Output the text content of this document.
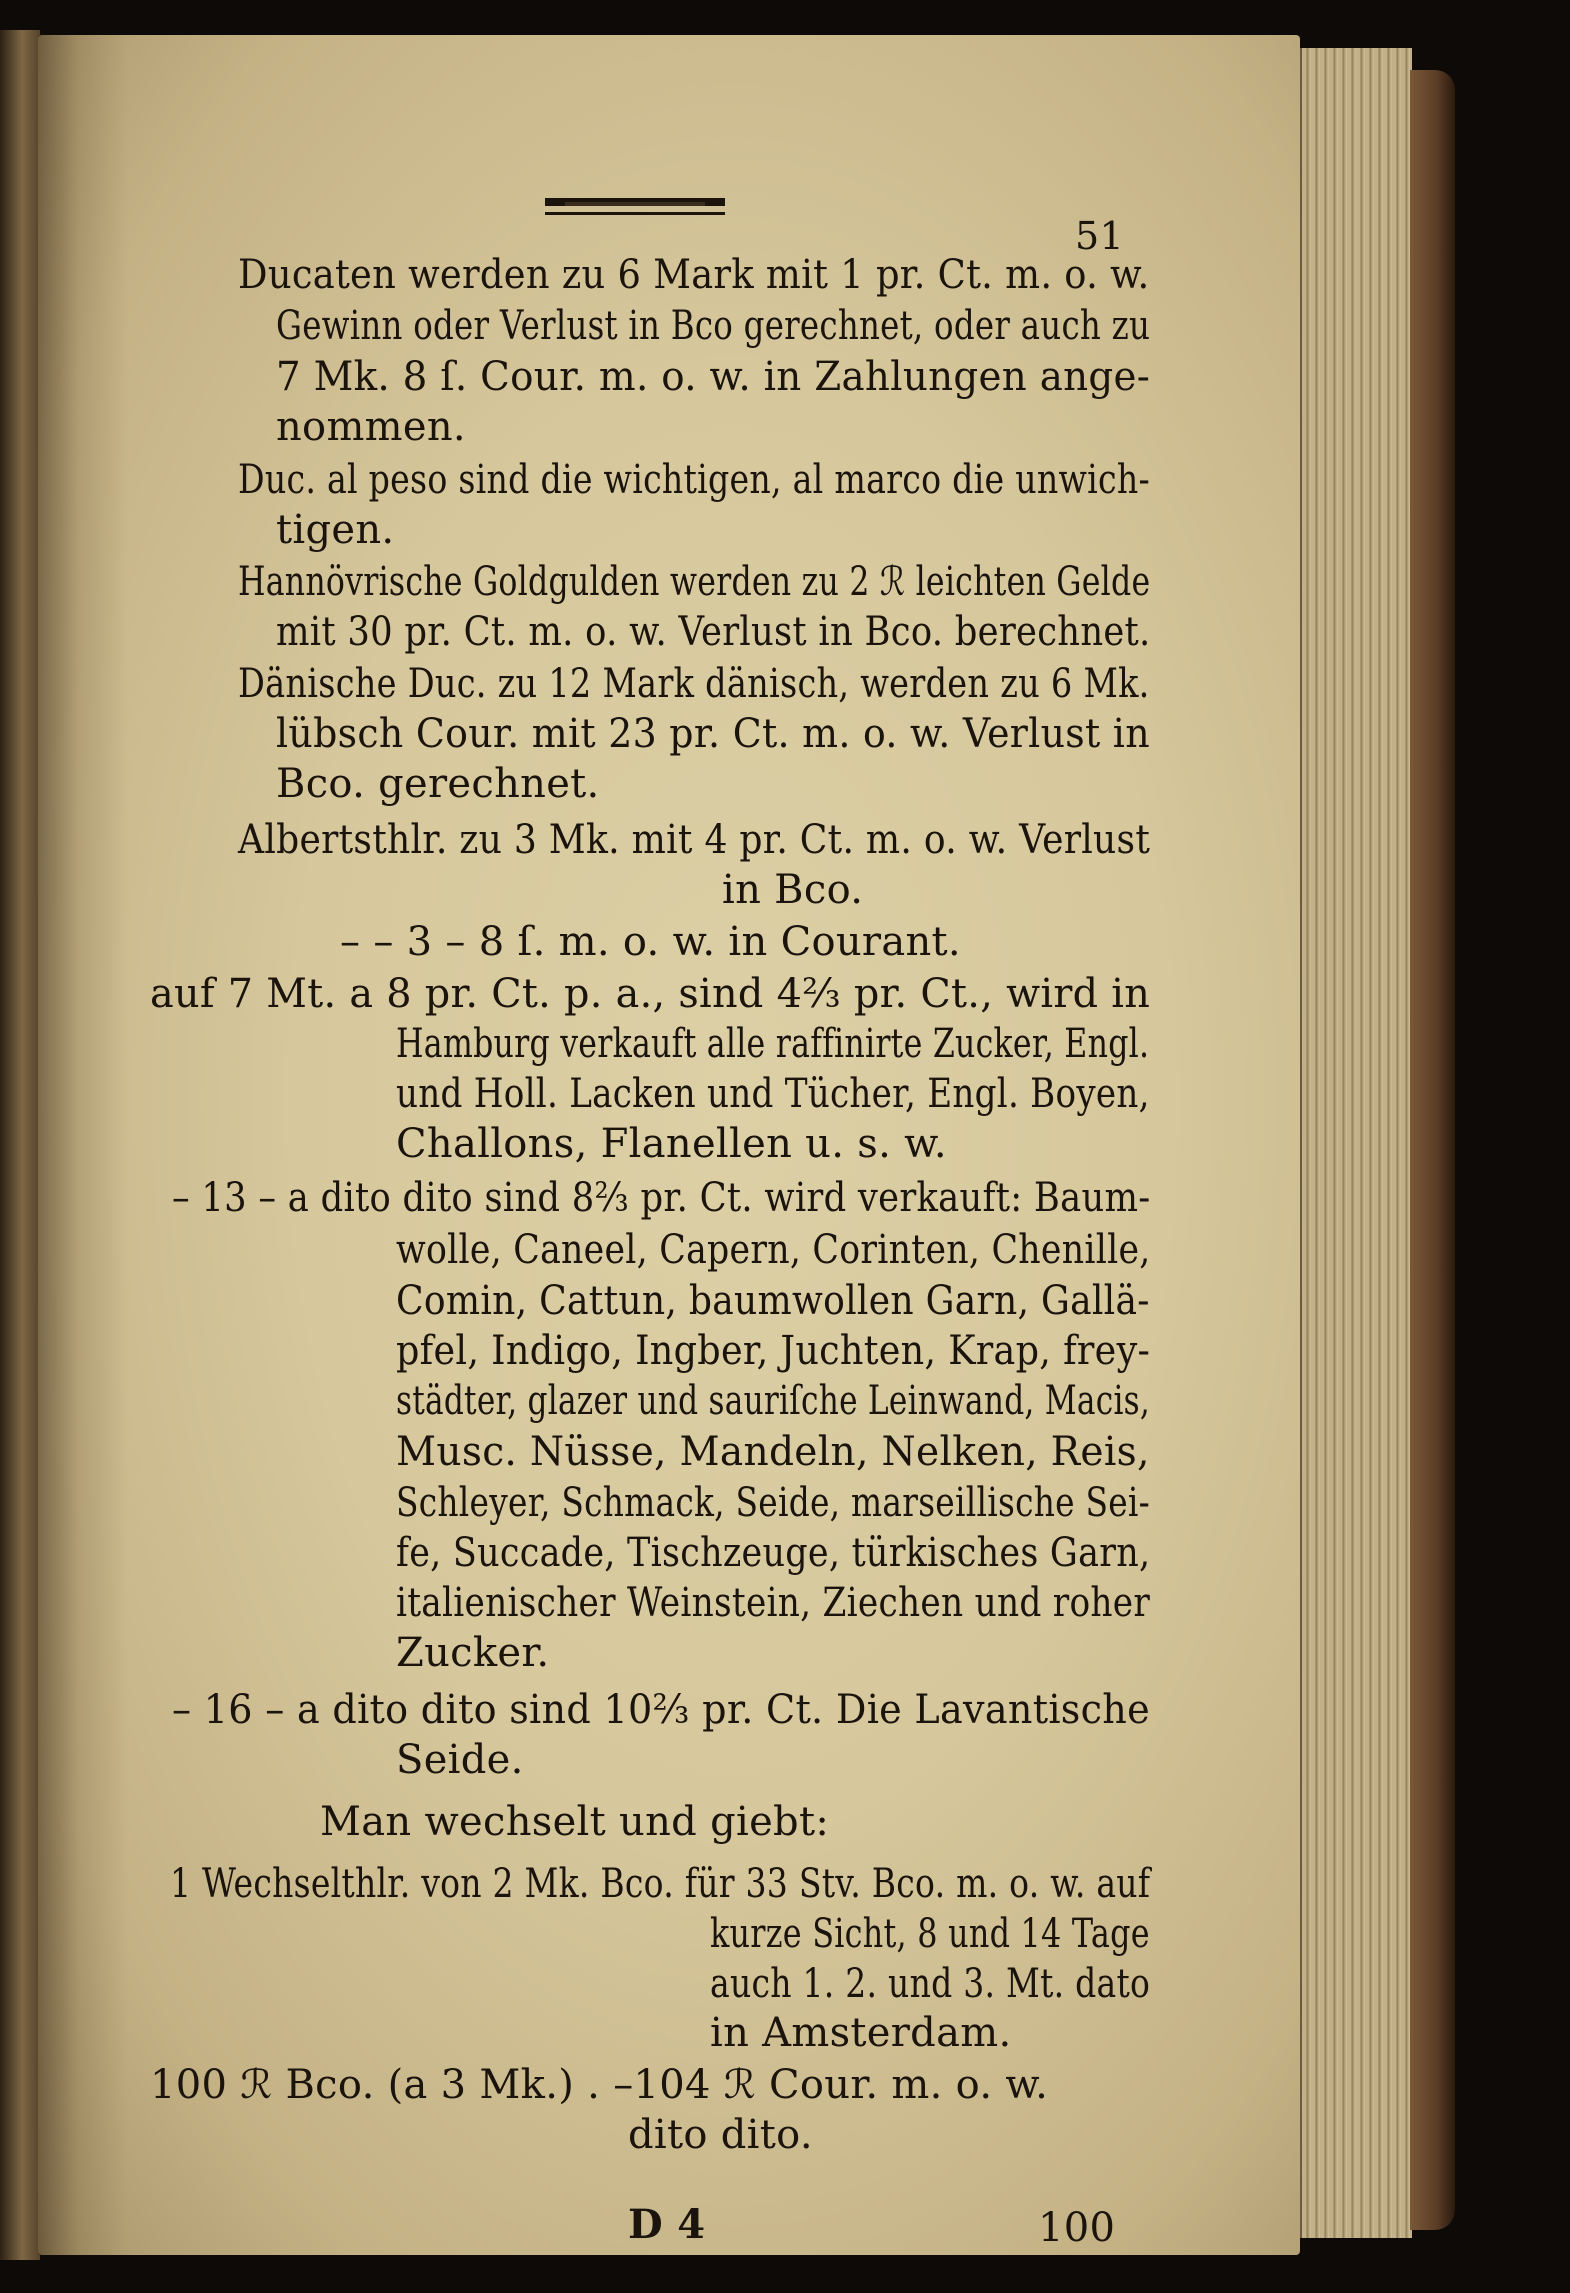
51
Ducaten werden zu 6 Mark mit 1 pr. Ct. m. o. w.
Gewinn oder Verlust in Bco gerechnet, oder auch zu
7 Mk. 8 ſ. Cour. m. o. w. in Zahlungen ange-
nommen.
Duc. al peso sind die wichtigen, al marco die unwich-
tigen.
Hannövrische Goldgulden werden zu 2 ℛ leichten Gelde
mit 30 pr. Ct. m. o. w. Verlust in Bco. berechnet.
Dänische Duc. zu 12 Mark dänisch, werden zu 6 Mk.
lübsch Cour. mit 23 pr. Ct. m. o. w. Verlust in
Bco. gerechnet.
Albertsthlr. zu 3 Mk. mit 4 pr. Ct. m. o. w. Verlust
in Bco.
– – 3 – 8 ſ. m. o. w. in Courant.
auf 7 Mt. a 8 pr. Ct. p. a., sind 4⅔ pr. Ct., wird in
Hamburg verkauft alle raffinirte Zucker, Engl.
und Holl. Lacken und Tücher, Engl. Boyen,
Challons, Flanellen u. s. w.
– 13 – a dito dito sind 8⅔ pr. Ct. wird verkauft: Baum-
wolle, Caneel, Capern, Corinten, Chenille,
Comin, Cattun, baumwollen Garn, Gallä-
pfel, Indigo, Ingber, Juchten, Krap, frey-
städter, glazer und sauriſche Leinwand, Macis,
Musc. Nüsse, Mandeln, Nelken, Reis,
Schleyer, Schmack, Seide, marseillische Sei-
fe, Succade, Tischzeuge, türkisches Garn,
italienischer Weinstein, Ziechen und roher
Zucker.
– 16 – a dito dito sind 10⅔ pr. Ct. Die Lavantische
Seide.
Man wechselt und giebt:
1 Wechselthlr. von 2 Mk. Bco. für 33 Stv. Bco. m. o. w. auf
kurze Sicht, 8 und 14 Tage
auch 1. 2. und 3. Mt. dato
in Amsterdam.
100 ℛ Bco. (a 3 Mk.) . –104 ℛ Cour. m. o. w.
dito dito.
D 4	100
